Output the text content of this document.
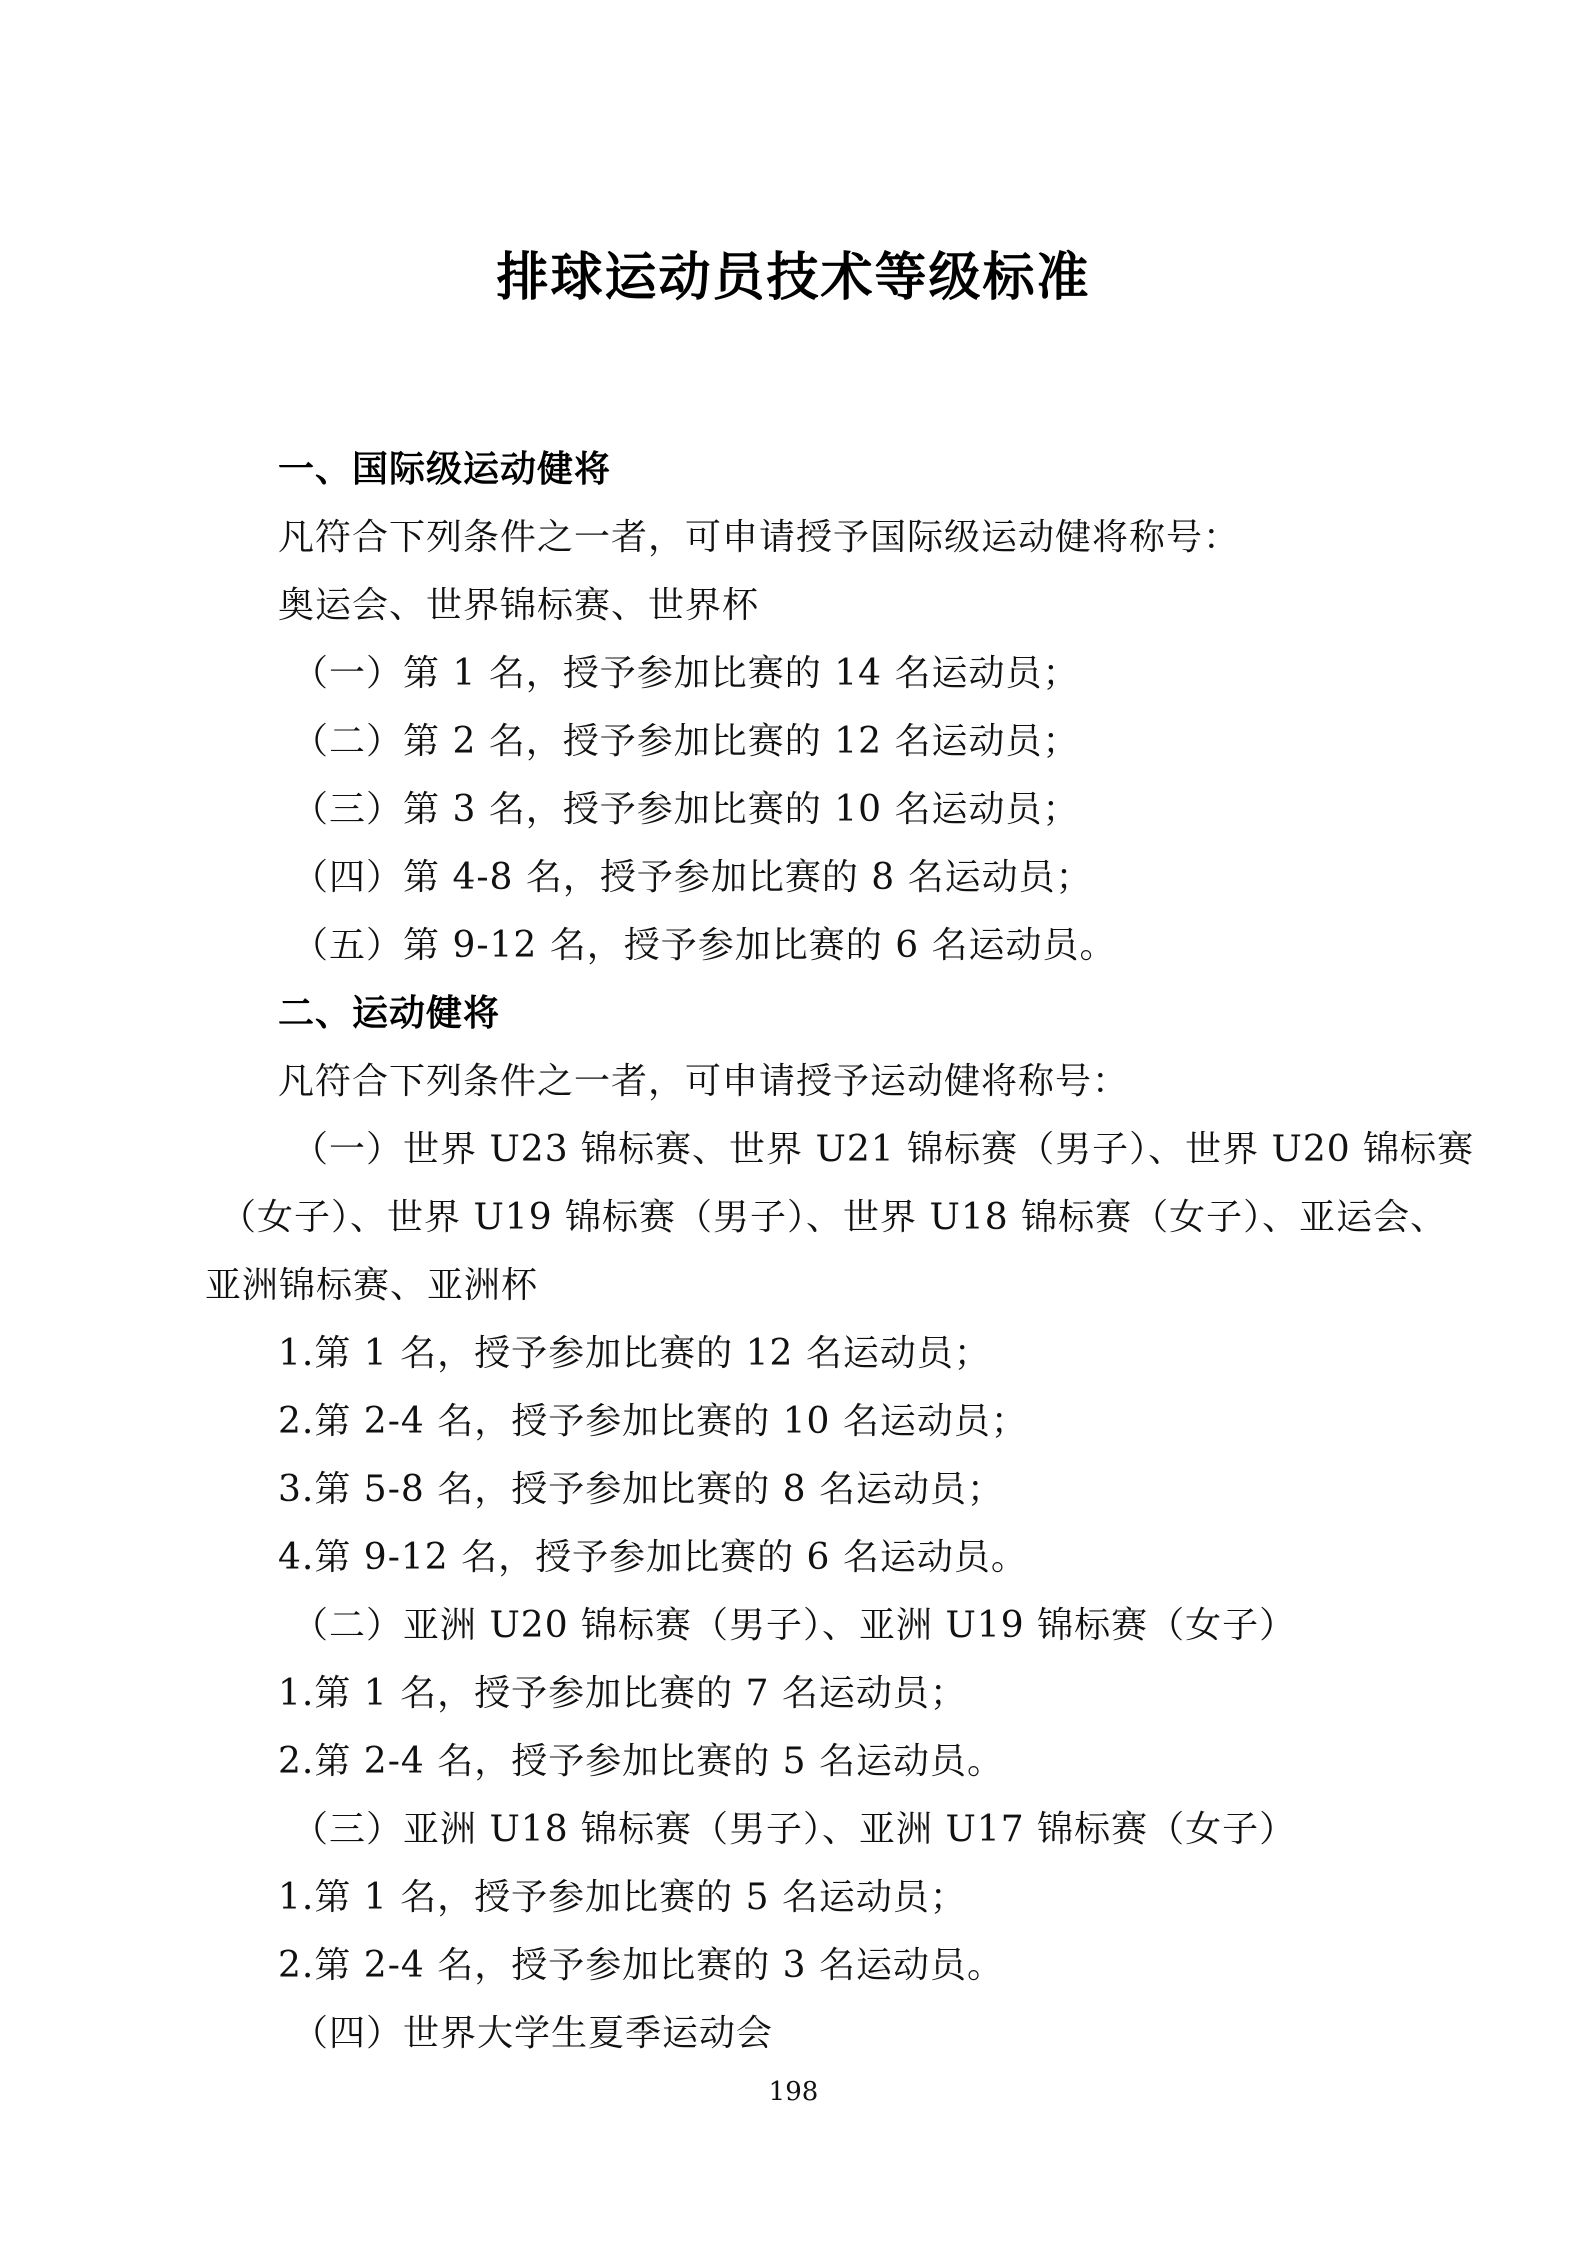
排球运动员技术等级标准
一、国际级运动健将
凡符合下列条件之一者，可申请授予国际级运动健将称号：
奥运会、世界锦标赛、世界杯
（一）第 1 名，授予参加比赛的 14 名运动员；
（二）第 2 名，授予参加比赛的 12 名运动员；
（三）第 3 名，授予参加比赛的 10 名运动员；
（四）第 4-8 名，授予参加比赛的 8 名运动员；
（五）第 9-12 名，授予参加比赛的 6 名运动员。
二、运动健将
凡符合下列条件之一者，可申请授予运动健将称号：
（一）世界 U23 锦标赛、世界 U21 锦标赛（男子）、世界 U20 锦标赛
（女子）、世界 U19 锦标赛（男子）、世界 U18 锦标赛（女子）、亚运会、
亚洲锦标赛、亚洲杯
1.第 1 名，授予参加比赛的 12 名运动员；
2.第 2-4 名，授予参加比赛的 10 名运动员；
3.第 5-8 名，授予参加比赛的 8 名运动员；
4.第 9-12 名，授予参加比赛的 6 名运动员。
（二）亚洲 U20 锦标赛（男子）、亚洲 U19 锦标赛（女子）
1.第 1 名，授予参加比赛的 7 名运动员；
2.第 2-4 名，授予参加比赛的 5 名运动员。
（三）亚洲 U18 锦标赛（男子）、亚洲 U17 锦标赛（女子）
1.第 1 名，授予参加比赛的 5 名运动员；
2.第 2-4 名，授予参加比赛的 3 名运动员。
（四）世界大学生夏季运动会
198
